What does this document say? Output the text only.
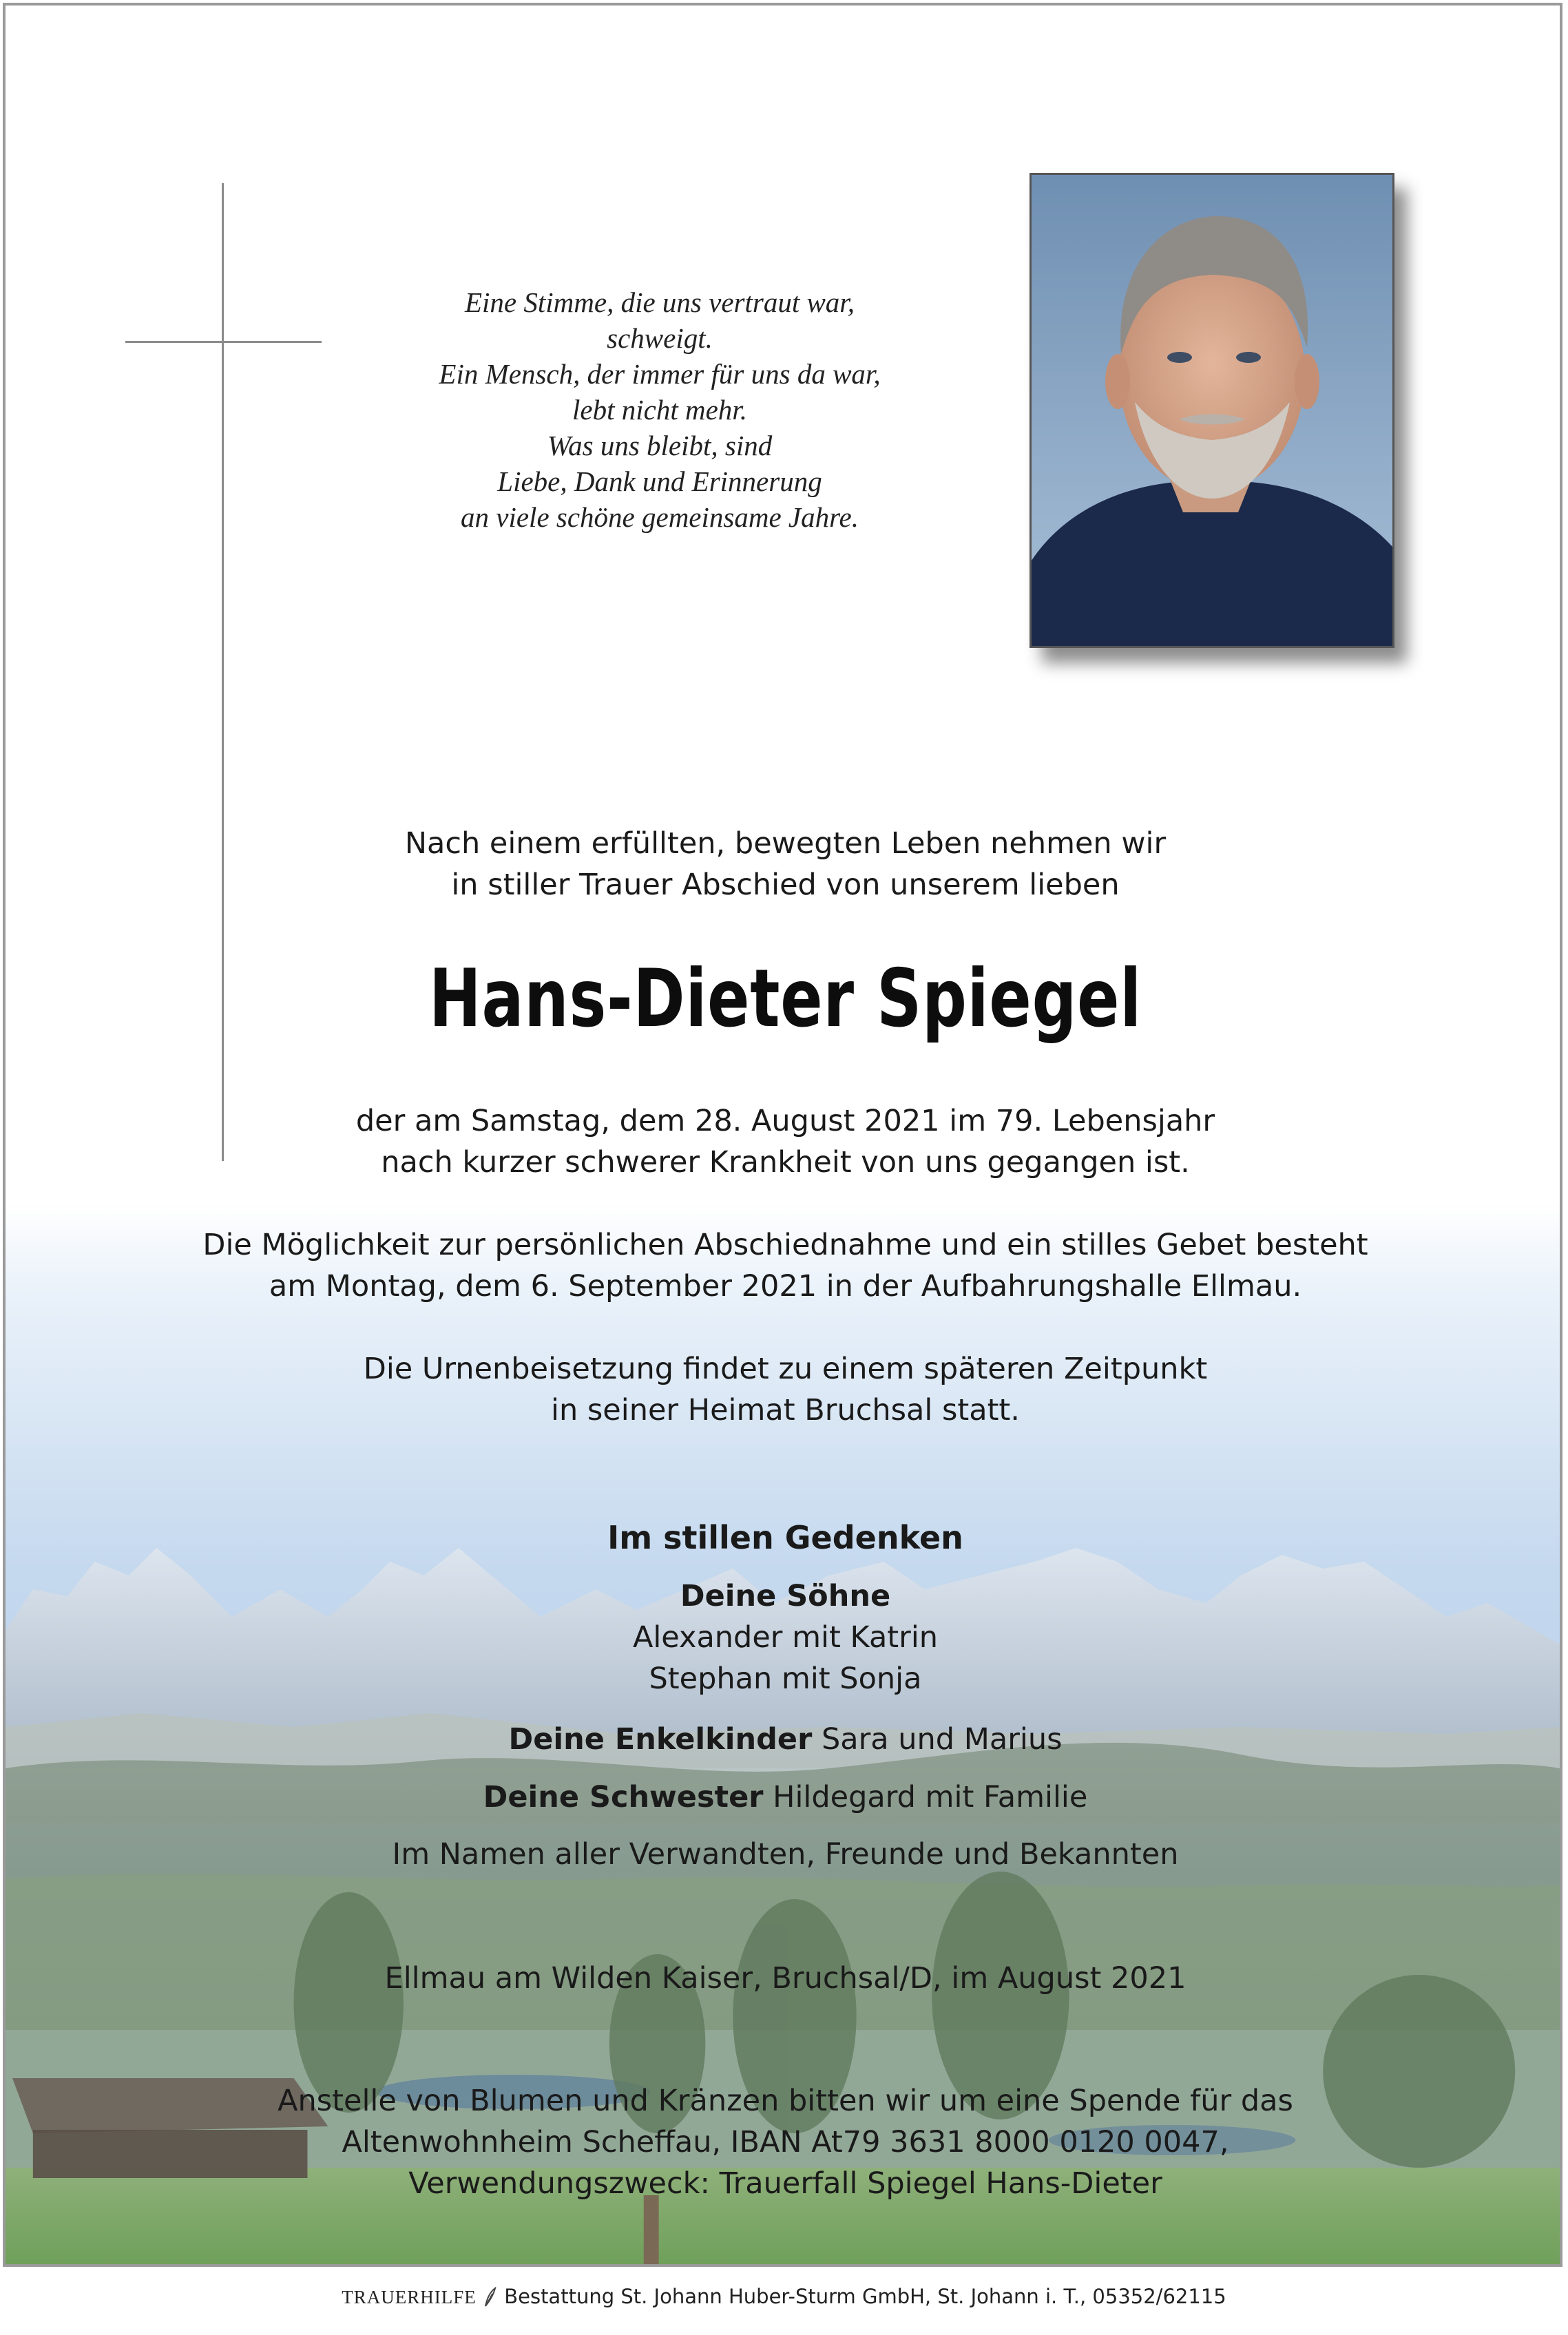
Eine Stimme, die uns vertraut war,
schweigt.
Ein Mensch, der immer für uns da war,
lebt nicht mehr.
Was uns bleibt, sind
Liebe, Dank und Erinnerung
an viele schöne gemeinsame Jahre.
Nach einem erfüllten, bewegten Leben nehmen wir
in stiller Trauer Abschied von unserem lieben
Hans-Dieter Spiegel
der am Samstag, dem 28. August 2021 im 79. Lebensjahr
nach kurzer schwerer Krankheit von uns gegangen ist.
Die Möglichkeit zur persönlichen Abschiednahme und ein stilles Gebet besteht
am Montag, dem 6. September 2021 in der Aufbahrungshalle Ellmau.
Die Urnenbeisetzung findet zu einem späteren Zeitpunkt
in seiner Heimat Bruchsal statt.
Im stillen Gedenken
Deine Söhne
Alexander mit Katrin
Stephan mit Sonja
Deine Enkelkinder Sara und Marius
Deine Schwester Hildegard mit Familie
Im Namen aller Verwandten, Freunde und Bekannten
Ellmau am Wilden Kaiser, Bruchsal/D, im August 2021
Anstelle von Blumen und Kränzen bitten wir um eine Spende für das
Altenwohnheim Scheffau, IBAN At79 3631 8000 0120 0047,
Verwendungszweck: Trauerfall Spiegel Hans-Dieter
TRAUERHILFE Bestattung St. Johann Huber-Sturm GmbH, St. Johann i. T., 05352/62115
